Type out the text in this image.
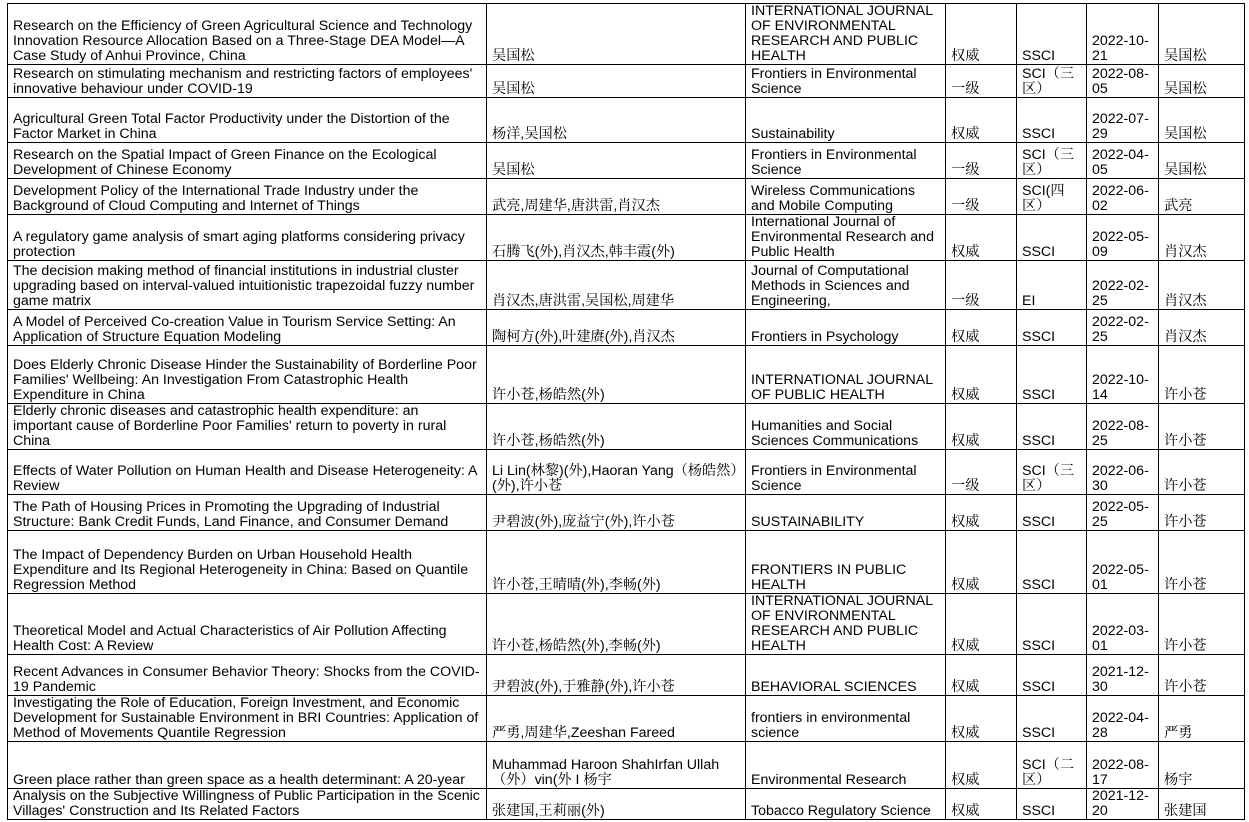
Research on the Efficiency of Green Agricultural Science and Technology Innovation Resource Allocation Based on a Three-Stage DEA Model—A Case Study of Anhui Province, China	吴国松	INTERNATIONAL JOURNAL OF ENVIRONMENTAL RESEARCH AND PUBLIC HEALTH	权威	SSCI	2022-10-21	吴国松
Research on stimulating mechanism and restricting factors of employees' innovative behaviour under COVID-19	吴国松	Frontiers in Environmental Science	一级	SCI（三区）	2022-08-05	吴国松
Agricultural Green Total Factor Productivity under the Distortion of the Factor Market in China	杨洋,吴国松	Sustainability	权威	SSCI	2022-07-29	吴国松
Research on the Spatial Impact of Green Finance on the Ecological Development of Chinese Economy	吴国松	Frontiers in Environmental Science	一级	SCI（三区）	2022-04-05	吴国松
Development Policy of the International Trade Industry under the Background of Cloud Computing and Internet of Things	武亮,周建华,唐洪雷,肖汉杰	Wireless Communications and Mobile Computing	一级	SCI(四区）	2022-06-02	武亮
A regulatory game analysis of smart aging platforms considering privacy protection	石腾飞(外),肖汉杰,韩丰霞(外)	International Journal of Environmental Research and Public Health	权威	SSCI	2022-05-09	肖汉杰
The decision making method of financial institutions in industrial cluster upgrading based on interval-valued intuitionistic trapezoidal fuzzy number game matrix	肖汉杰,唐洪雷,吴国松,周建华	Journal of Computational Methods in Sciences and Engineering,	一级	EI	2022-02-25	肖汉杰
A Model of Perceived Co-creation Value in Tourism Service Setting: An Application of Structure Equation Modeling	陶柯方(外),叶建赓(外),肖汉杰	Frontiers in Psychology	权威	SSCI	2022-02-25	肖汉杰
Does Elderly Chronic Disease Hinder the Sustainability of Borderline Poor Families' Wellbeing: An Investigation From Catastrophic Health Expenditure in China	许小苍,杨皓然(外)	INTERNATIONAL JOURNAL OF PUBLIC HEALTH	权威	SSCI	2022-10-14	许小苍
Elderly chronic diseases and catastrophic health expenditure: an important cause of Borderline Poor Families' return to poverty in rural China	许小苍,杨皓然(外)	Humanities and Social Sciences Communications	权威	SSCI	2022-08-25	许小苍
Effects of Water Pollution on Human Health and Disease Heterogeneity: A Review	Li Lin(林黎)(外),Haoran Yang（杨皓然）(外),许小苍	Frontiers in Environmental Science	一级	SCI（三区）	2022-06-30	许小苍
The Path of Housing Prices in Promoting the Upgrading of Industrial Structure: Bank Credit Funds, Land Finance, and Consumer Demand	尹碧波(外),庞益宁(外),许小苍	SUSTAINABILITY	权威	SSCI	2022-05-25	许小苍
The Impact of Dependency Burden on Urban Household Health Expenditure and Its Regional Heterogeneity in China: Based on Quantile Regression Method	许小苍,王晴晴(外),李畅(外)	FRONTIERS IN PUBLIC HEALTH	权威	SSCI	2022-05-01	许小苍
Theoretical Model and Actual Characteristics of Air Pollution Affecting Health Cost: A Review	许小苍,杨皓然(外),李畅(外)	INTERNATIONAL JOURNAL OF ENVIRONMENTAL RESEARCH AND PUBLIC HEALTH	权威	SSCI	2022-03-01	许小苍
Recent Advances in Consumer Behavior Theory: Shocks from the COVID-19 Pandemic	尹碧波(外),于雅静(外),许小苍	BEHAVIORAL SCIENCES	权威	SSCI	2021-12-30	许小苍
Investigating the Role of Education, Foreign Investment, and Economic Development for Sustainable Environment in BRI Countries: Application of Method of Movements Quantile Regression	严勇,周建华,Zeeshan Fareed	frontiers in environmental science	权威	SSCI	2022-04-28	严勇
Green place rather than green space as a health determinant: A 20-year	Muhammad Haroon ShahIrfan Ullah（外）vin(外 I 杨宇	Environmental Research	权威	SCI（二区）	2022-08-17	杨宇
Analysis on the Subjective Willingness of Public Participation in the Scenic Villages' Construction and Its Related Factors	张建国,王莉丽(外)	Tobacco Regulatory Science	权威	SSCI	2021-12-20	张建国
